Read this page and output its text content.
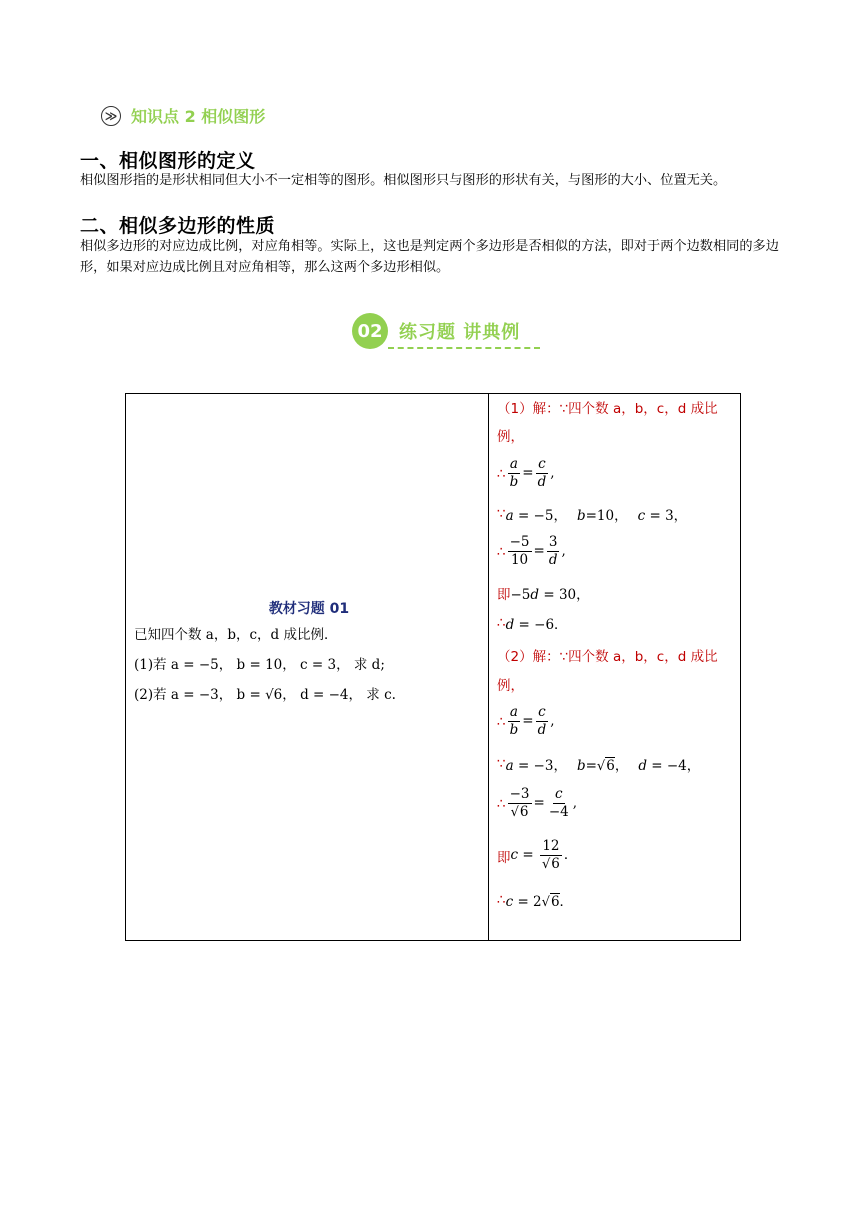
≫ 知识点 2 相似图形
一、相似图形的定义
相似图形指的是形状相同但大小不一定相等的图形。相似图形只与图形的形状有关，与图形的大小、位置无关。
二、相似多边形的性质
相似多边形的对应边成比例，对应角相等。实际上，这也是判定两个多边形是否相似的方法，即对于两个边数相同的多边形，如果对应边成比例且对应角相等，那么这两个多边形相似。
02 练习题 讲典例
教材习题 01
已知四个数 a，b，c，d 成比例．
(1)若 a = −5， b = 10， c = 3， 求 d;
(2)若 a = −3， b = √6， d = −4， 求 c.
（1）解：∵四个数 a，b，c，d 成比
例，
∴ $\frac{a}{b} = \frac{c}{d}$ ,
∵ a = −5， b=10， c = 3，
∴ $\frac{-5}{10} = \frac{3}{d}$ ,
即 −5d = 30，
∴ d = −6．
（2）解：∵四个数 a，b，c，d 成比
例，
∴ $\frac{a}{b} = \frac{c}{d}$ ,
∵ a = −3， b=√6， d = −4，
∴ $\frac{-3}{√6} = \frac{c}{-4}$ ,
即 $c = \frac{12}{√6}$ ．
∴ c = 2√6．
